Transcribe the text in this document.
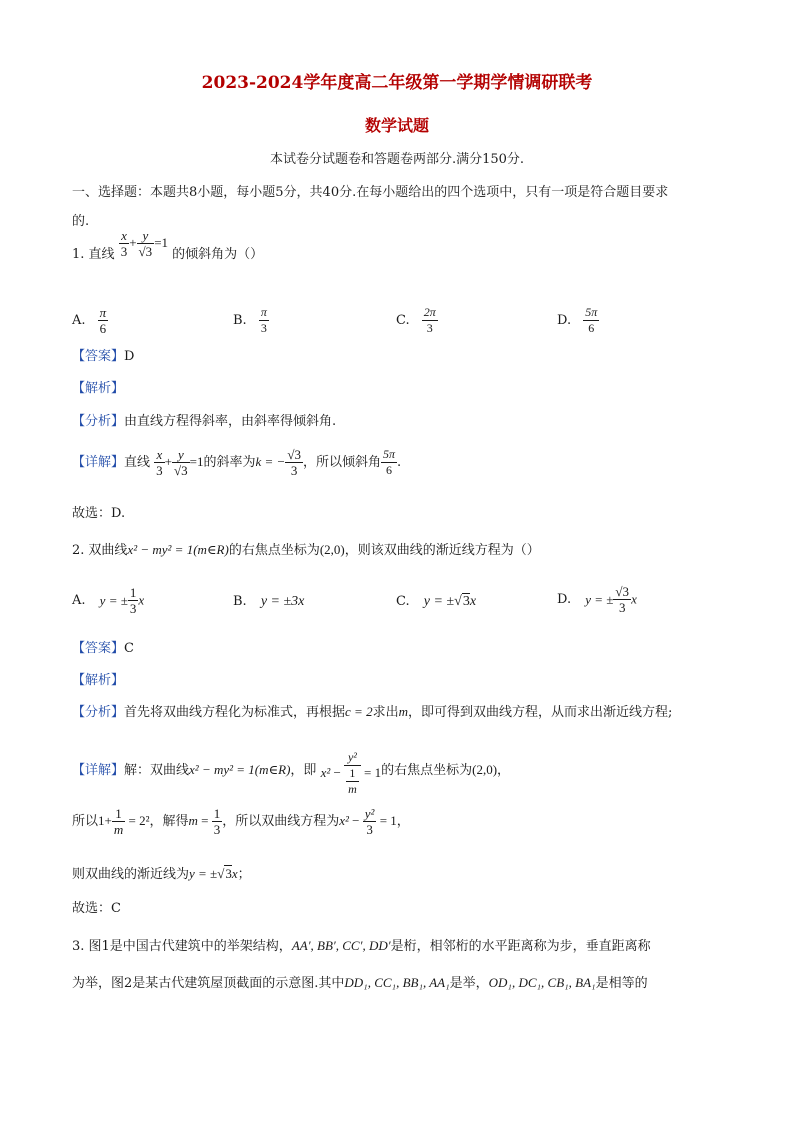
2023-2024学年度高二年级第一学期学情调研联考
数学试题
本试卷分试题卷和答题卷两部分.满分150分.
一、选择题：本题共8小题，每小题5分，共40分.在每小题给出的四个选项中，只有一项是符合题目要求
的.
1. 直线 $\frac{x}{3} + \frac{y}{√3} =1$ 的倾斜角为（）
A. $\frac{\pi}{6}$	B. $\frac{\pi}{3}$	C. $\frac{2\pi}{3}$	D. $\frac{5\pi}{6}$
【答案】D
【解析】
【分析】由直线方程得斜率，由斜率得倾斜角.
【详解】直线 $\frac{x}{3} + \frac{y}{√3} =1$的斜率为k = − $\frac{√3}{3}$ ，所以倾斜角 $\frac{5\pi}{6}$ .
故选：D.
2. 双曲线x² − my² = 1(m∈R)的右焦点坐标为(2,0)，则该双曲线的渐近线方程为（）
A. y = ± $\frac{1}{3}$ x	B. y = ±3x	C. y = ±√3x	D. y = ± $\frac{√3}{3}$ x
【答案】C
【解析】
【分析】首先将双曲线方程化为标准式，再根据c = 2求出m，即可得到双曲线方程，从而求出渐近线方程;
【详解】解：双曲线x² − my² = 1(m∈R)，即 x² − y²
1
m = 1的右焦点坐标为(2,0)，
所以$1+ \frac{1}{m} = 2^2$，解得$m = \frac{1}{3}$ ，所以双曲线方程为$x^2 - \frac{\text{y²}}{3} = 1$，
则双曲线的渐近线为y = ±√3x；
故选：C
3. 图1是中国古代建筑中的举架结构，AA′, BB′, CC′, DD′是桁，相邻桁的水平距离称为步，垂直距离称
为举，图2是某古代建筑屋顶截面的示意图.其中DD₁, CC₁, BB₁, AA₁是举，OD₁, DC₁, CB₁, BA₁是相等的
